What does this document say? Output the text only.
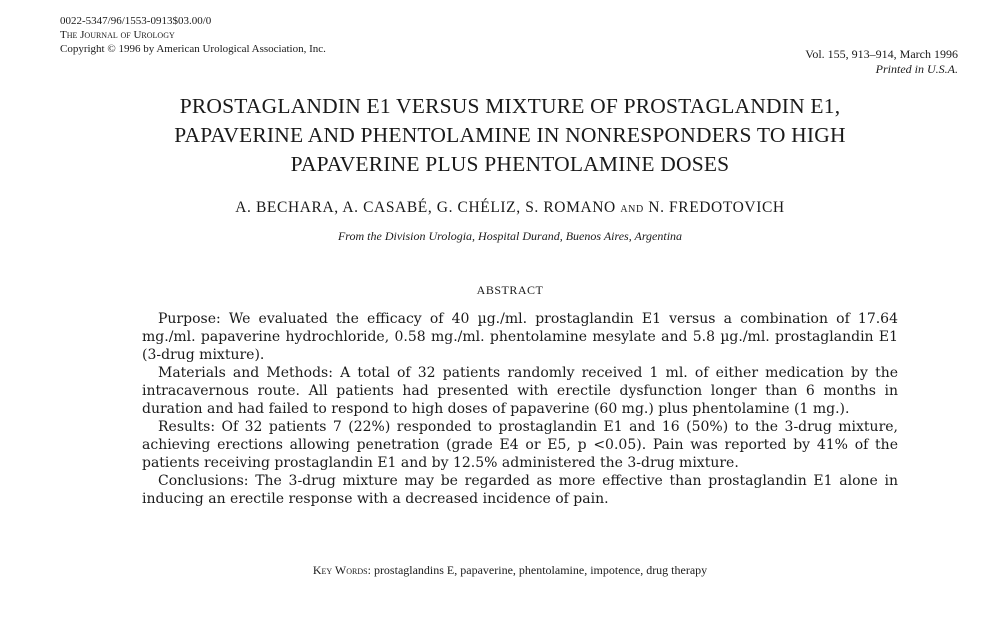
0022-5347/96/1553-0913$03.00/0
The Journal of Urology
Copyright © 1996 by American Urological Association, Inc.	Vol. 155, 913–914, March 1996
Printed in U.S.A.
PROSTAGLANDIN E1 VERSUS MIXTURE OF PROSTAGLANDIN E1,
PAPAVERINE AND PHENTOLAMINE IN NONRESPONDERS TO HIGH
PAPAVERINE PLUS PHENTOLAMINE DOSES
A. BECHARA, A. CASABÉ, G. CHÉLIZ, S. ROMANO and N. FREDOTOVICH
From the Division Urologia, Hospital Durand, Buenos Aires, Argentina
ABSTRACT

Purpose: We evaluated the efficacy of 40 µg./ml. prostaglandin E1 versus a combination of 17.64 mg./ml. papaverine hydrochloride, 0.58 mg./ml. phentolamine mesylate and 5.8 µg./ml. prostaglandin E1 (3-drug mixture).

Materials and Methods: A total of 32 patients randomly received 1 ml. of either medication by the intracavernous route. All patients had presented with erectile dysfunction longer than 6 months in duration and had failed to respond to high doses of papaverine (60 mg.) plus phentolamine (1 mg.).

Results: Of 32 patients 7 (22%) responded to prostaglandin E1 and 16 (50%) to the 3-drug mixture, achieving erections allowing penetration (grade E4 or E5, p <0.05). Pain was reported by 41% of the patients receiving prostaglandin E1 and by 12.5% administered the 3-drug mixture.

Conclusions: The 3-drug mixture may be regarded as more effective than prostaglandin E1 alone in inducing an erectile response with a decreased incidence of pain.

Key Words: prostaglandins E, papaverine, phentolamine, impotence, drug therapy
